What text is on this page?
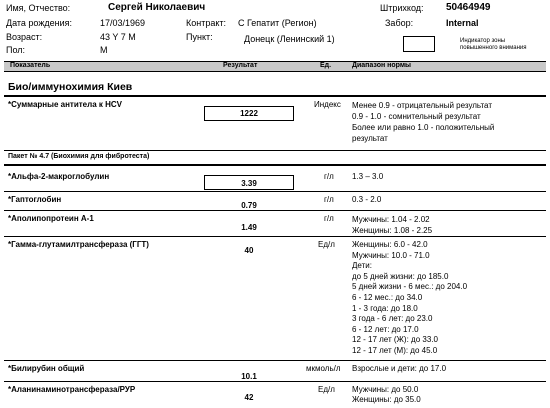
Имя, Отчество:	Сергей Николаевич	Штрихкод: 50464949
Дата рождения:	17/03/1969	Контракт: С Гепатит (Регион)	Забор:	Internal
Возраст:	43 Y 7 M	Пункт:	Донецк (Ленинский 1)	Индикатор зоны
повышенного внимания
Пол:	М
Показатель	Результат	Ед.	Диапазон нормы
Био/иммунохимия Киев
*Суммарные антитела к HCV
1222
Индекс Менее 0.9 - отрицательный результат
0.9 - 1.0 - сомнительный результат
Более или равно 1.0 - положительный
результат
Пакет № 4.7 (Биохимия для фибротеста)
*Альфа-2-макроглобулин
3.39
г/л 1.3 – 3.0
*Гаптоглобин
0.79
г/л 0.3 - 2.0
*Аполипопротеин А-1
1.49
г/л Мужчины: 1.04 - 2.02
Женщины: 1.08 - 2.25
*Гамма-глутамилтрансфераза (ГГТ)
40
Ед/л Женщины: 6.0 - 42.0
Мужчины: 10.0 - 71.0
Дети:
до 5 дней жизни: до 185.0
5 дней жизни - 6 мес.: до 204.0
6 - 12 мес.: до 34.0
1 - 3 года: до 18.0
3 года - 6 лет: до 23.0
6 - 12 лет: до 17.0
12 - 17 лет (Ж): до 33.0
12 - 17 лет (М): до 45.0
*Билирубин общий
10.1
мкмоль/л Взрослые и дети: до 17.0
*Аланинаминотрансфераза/РУР
42
Ед/л Мужчины: до 50.0
Женщины: до 35.0
